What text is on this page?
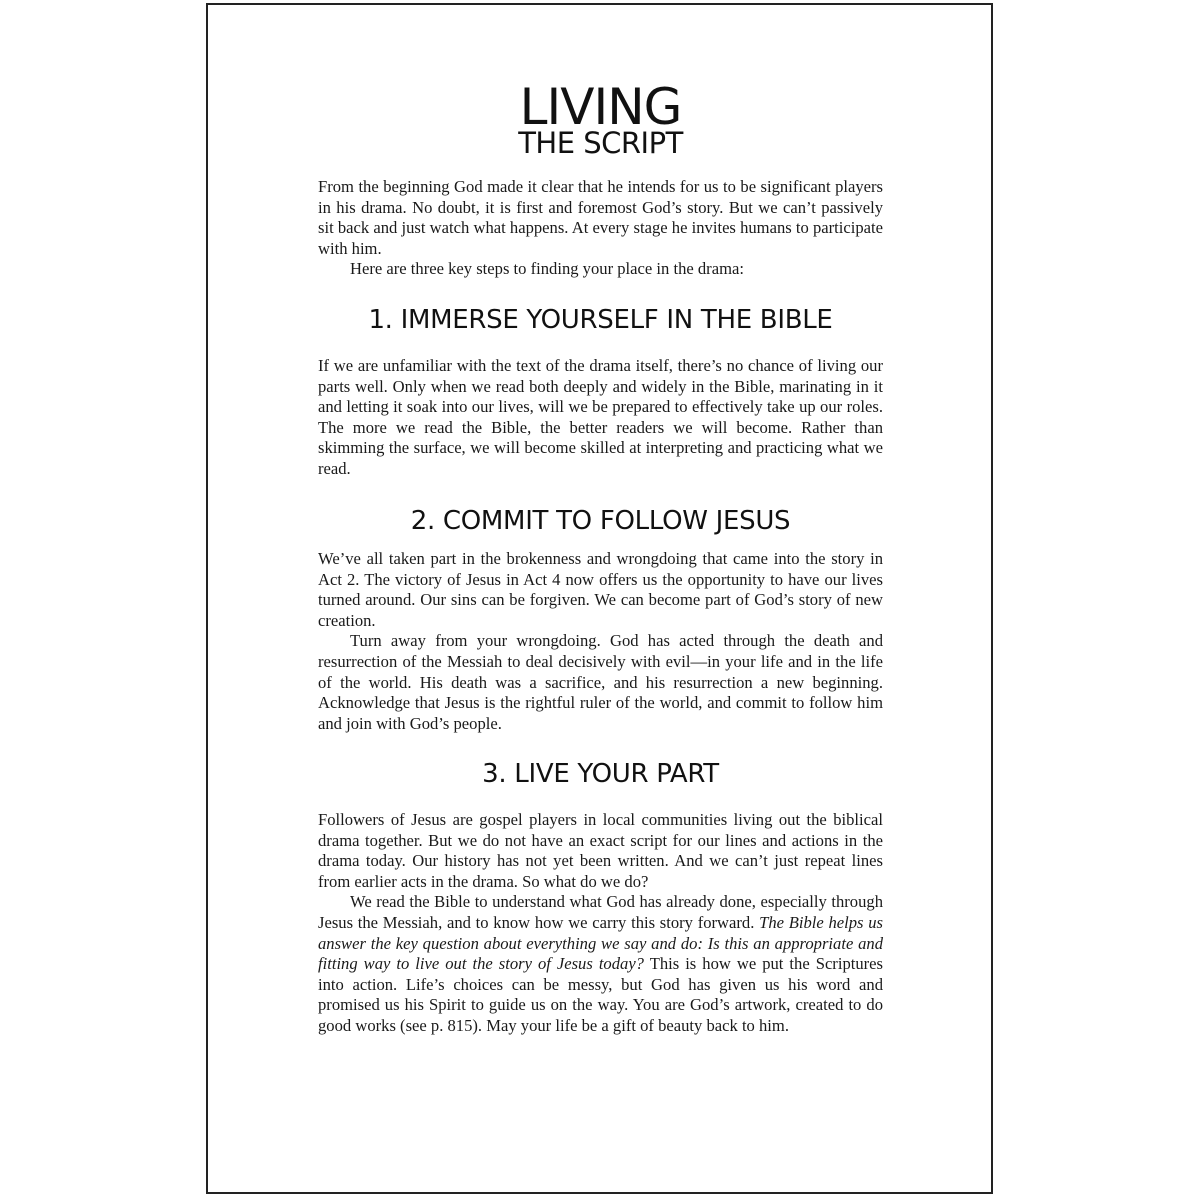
LIVING
THE SCRIPT

From the beginning God made it clear that he intends for us to be significant players in his drama. No doubt, it is first and foremost God’s story. But we can’t passively sit back and just watch what happens. At every stage he invites humans to participate with him.

Here are three key steps to finding your place in the drama:

1. IMMERSE YOURSELF IN THE BIBLE

If we are unfamiliar with the text of the drama itself, there’s no chance of living our parts well. Only when we read both deeply and widely in the Bible, marinating in it and letting it soak into our lives, will we be prepared to effectively take up our roles. The more we read the Bible, the better readers we will become. Rather than skimming the surface, we will become skilled at interpreting and practicing what we read.

2. COMMIT TO FOLLOW JESUS

We’ve all taken part in the brokenness and wrongdoing that came into the story in Act 2. The victory of Jesus in Act 4 now offers us the opportunity to have our lives turned around. Our sins can be forgiven. We can become part of God’s story of new creation.

Turn away from your wrongdoing. God has acted through the death and resurrection of the Messiah to deal decisively with evil—in your life and in the life of the world. His death was a sacrifice, and his resurrection a new beginning. Acknowledge that Jesus is the rightful ruler of the world, and commit to follow him and join with God’s people.

3. LIVE YOUR PART

Followers of Jesus are gospel players in local communities living out the biblical drama together. But we do not have an exact script for our lines and actions in the drama today. Our history has not yet been written. And we can’t just repeat lines from earlier acts in the drama. So what do we do?

We read the Bible to understand what God has already done, especially through Jesus the Messiah, and to know how we carry this story forward. The Bible helps us answer the key question about everything we say and do: Is this an appropriate and fitting way to live out the story of Jesus today? This is how we put the Scriptures into action. Life’s choices can be messy, but God has given us his word and promised us his Spirit to guide us on the way. You are God’s artwork, created to do good works (see p. 815). May your life be a gift of beauty back to him.
